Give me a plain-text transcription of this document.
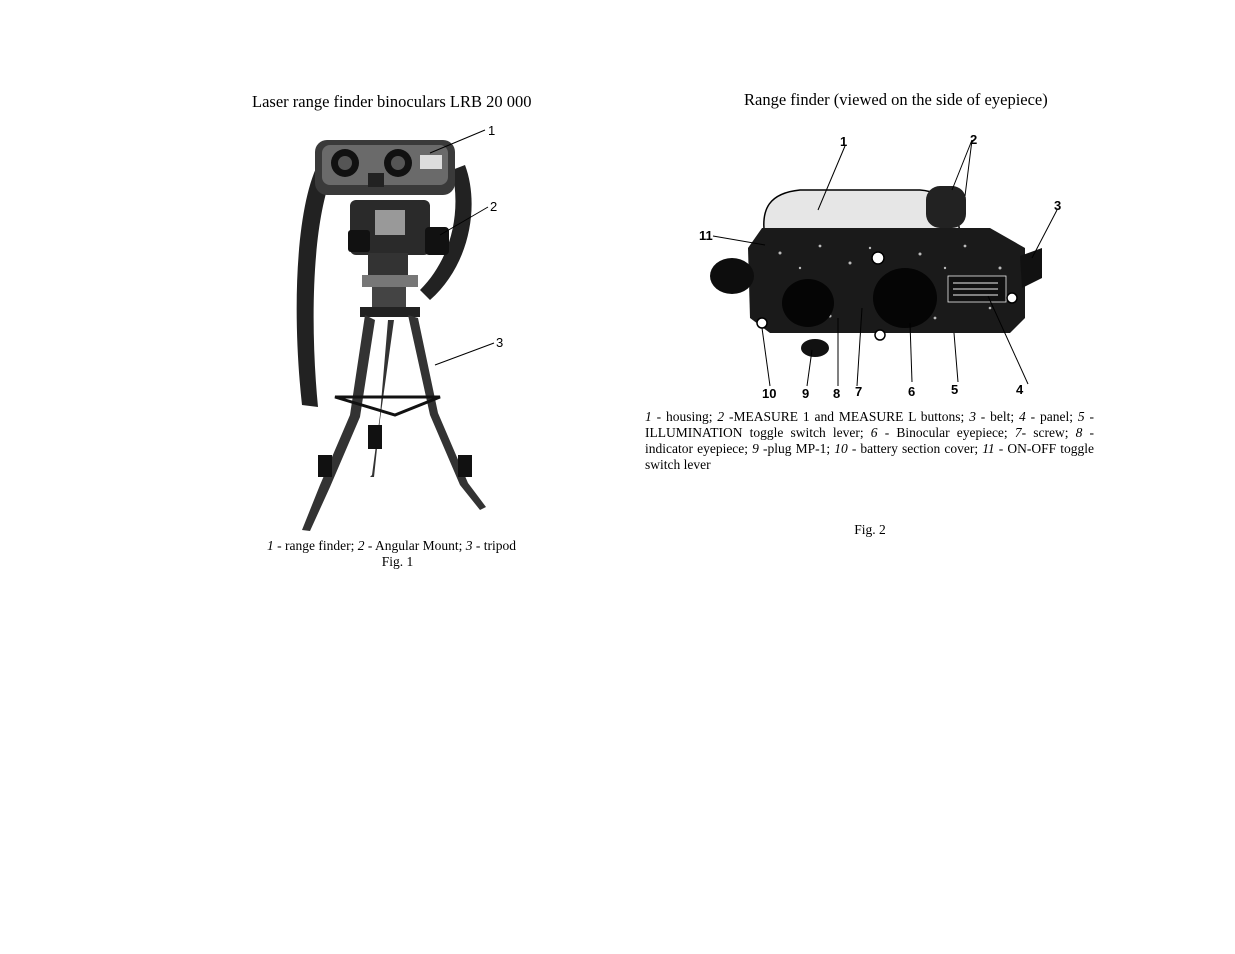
Laser range finder binoculars LRB 20 000
1
2
3
1 - range finder; 2 - Angular Mount; 3 - tripod
Fig. 1
Range finder (viewed on the side of eyepiece)
1	2
3
4
5
6
7
8
9
10
11
1 - housing; 2 -MEASURE 1 and MEASURE L buttons; 3 - belt; 4 - panel; 5 - ILLUMINATION toggle switch lever; 6 - Binocular eyepiece; 7- screw; 8 - indicator eyepiece; 9 -plug MP-1; 10 - battery section cover; 11 - ON-OFF toggle switch lever
Fig. 2
